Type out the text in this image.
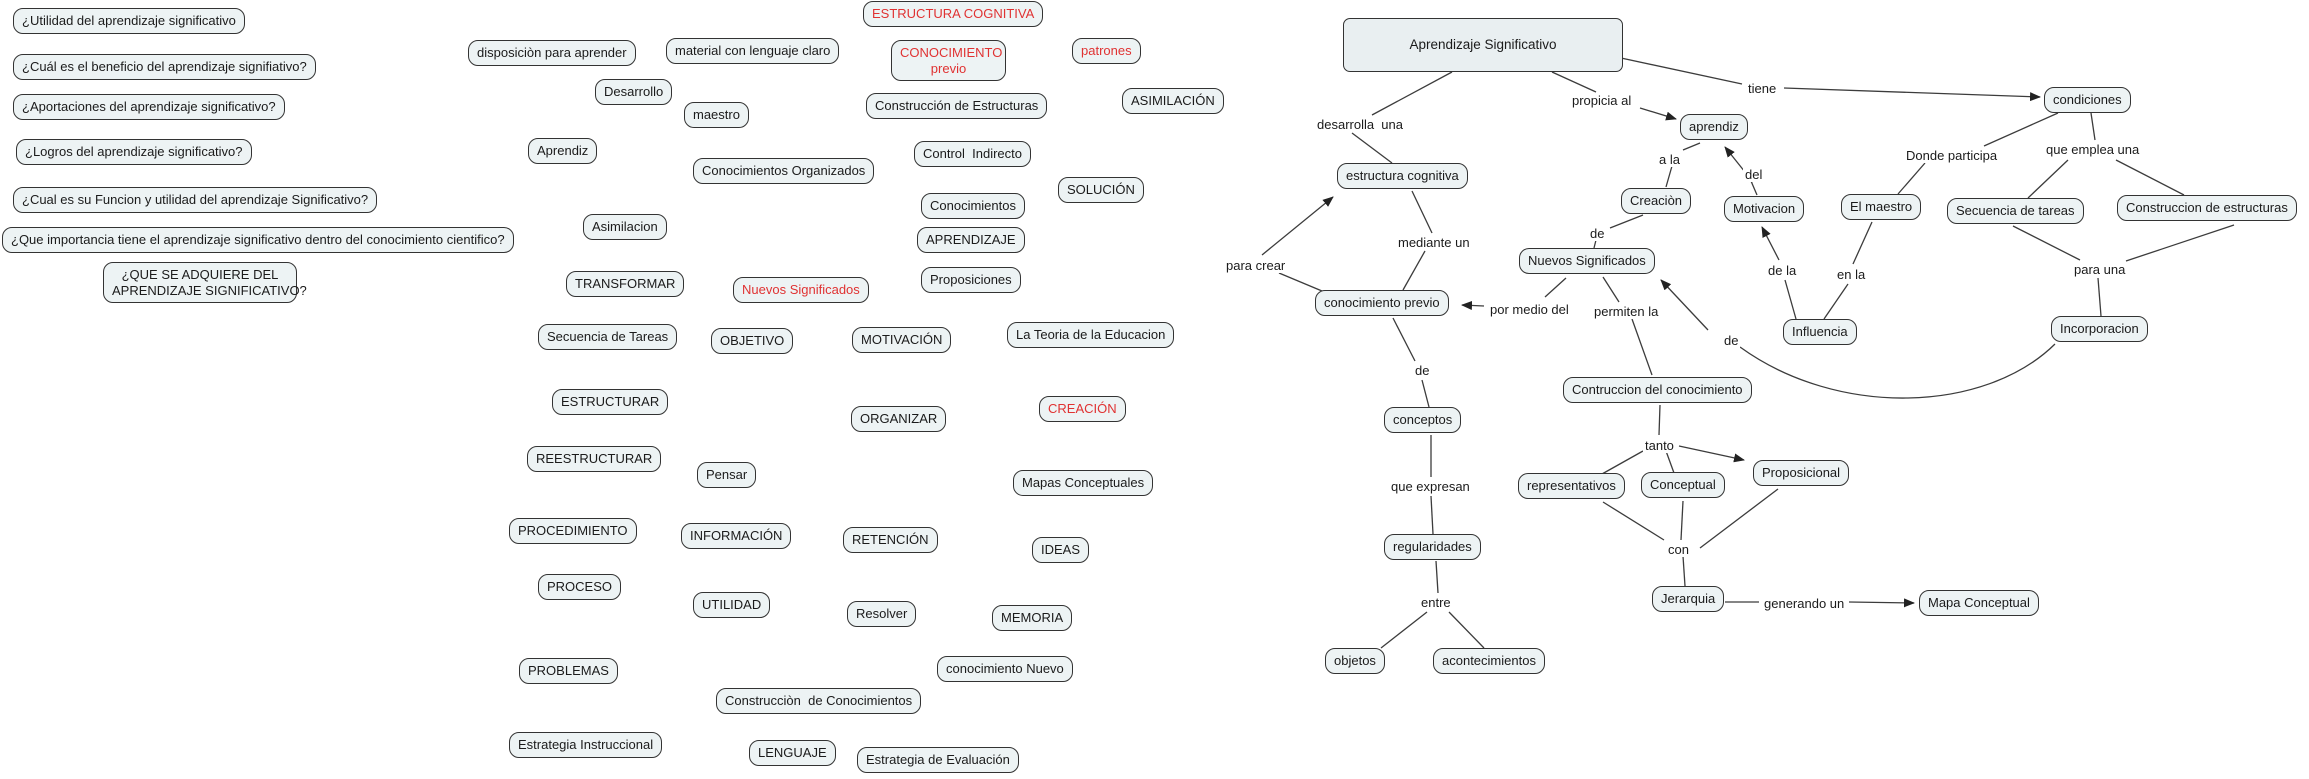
¿Utilidad del aprendizaje significativo
¿Cuál es el beneficio del aprendizaje signifiativo?
¿Aportaciones del aprendizaje significativo?
¿Logros del aprendizaje significativo?
¿Cual es su Funcion y utilidad del aprendizaje Significativo?
¿Que importancia tiene el aprendizaje significativo dentro del conocimiento cientifico?
¿QUE SE ADQUIERE DEL
APRENDIZAJE SIGNIFICATIVO?
disposiciòn para aprender	material con lenguaje claro
ESTRUCTURA COGNITIVA
CONOCIMIENTO
previo
patrones
Desarrollo
maestro
Construcción de Estructuras	ASIMILACIÓN
Aprendiz
Conocimientos Organizados
Control  Indirecto
SOLUCIÓN
Conocimientos
Asimilacion
APRENDIZAJE
TRANSFORMAR	Nuevos Significados
Proposiciones
Secuencia de Tareas	OBJETIVO	MOTIVACIÓN	La Teoria de la Educacion
ESTRUCTURAR
ORGANIZAR
CREACIÓN
REESTRUCTURAR
Pensar
Mapas Conceptuales
PROCEDIMIENTO	INFORMACIÓN	RETENCIÓN
IDEAS
PROCESO
UTILIDAD
Resolver	MEMORIA
PROBLEMAS	conocimiento Nuevo
Construcciòn  de Conocimientos
Estrategia Instruccional
LENGUAJE	Estrategia de Evaluación
Aprendizaje Significativo
estructura cognitiva
aprendiz
condiciones
Creaciòn
Motivacion	El maestro	Secuencia de tareas	Construccion de estructuras
Nuevos Significados
conocimiento previo
Influencia	Incorporacion
Contruccion del conocimiento
conceptos
Proposicional
representativos	Conceptual
regularidades
Jerarquia	Mapa Conceptual
objetos	acontecimientos
desarrolla  una
propicia al
tiene
a la
del
Donde participa	que emplea una
mediante un
de
para crear	de la	en la	para una
por medio del permiten la
de
de
tanto
que expresan
con
entre	generando un
